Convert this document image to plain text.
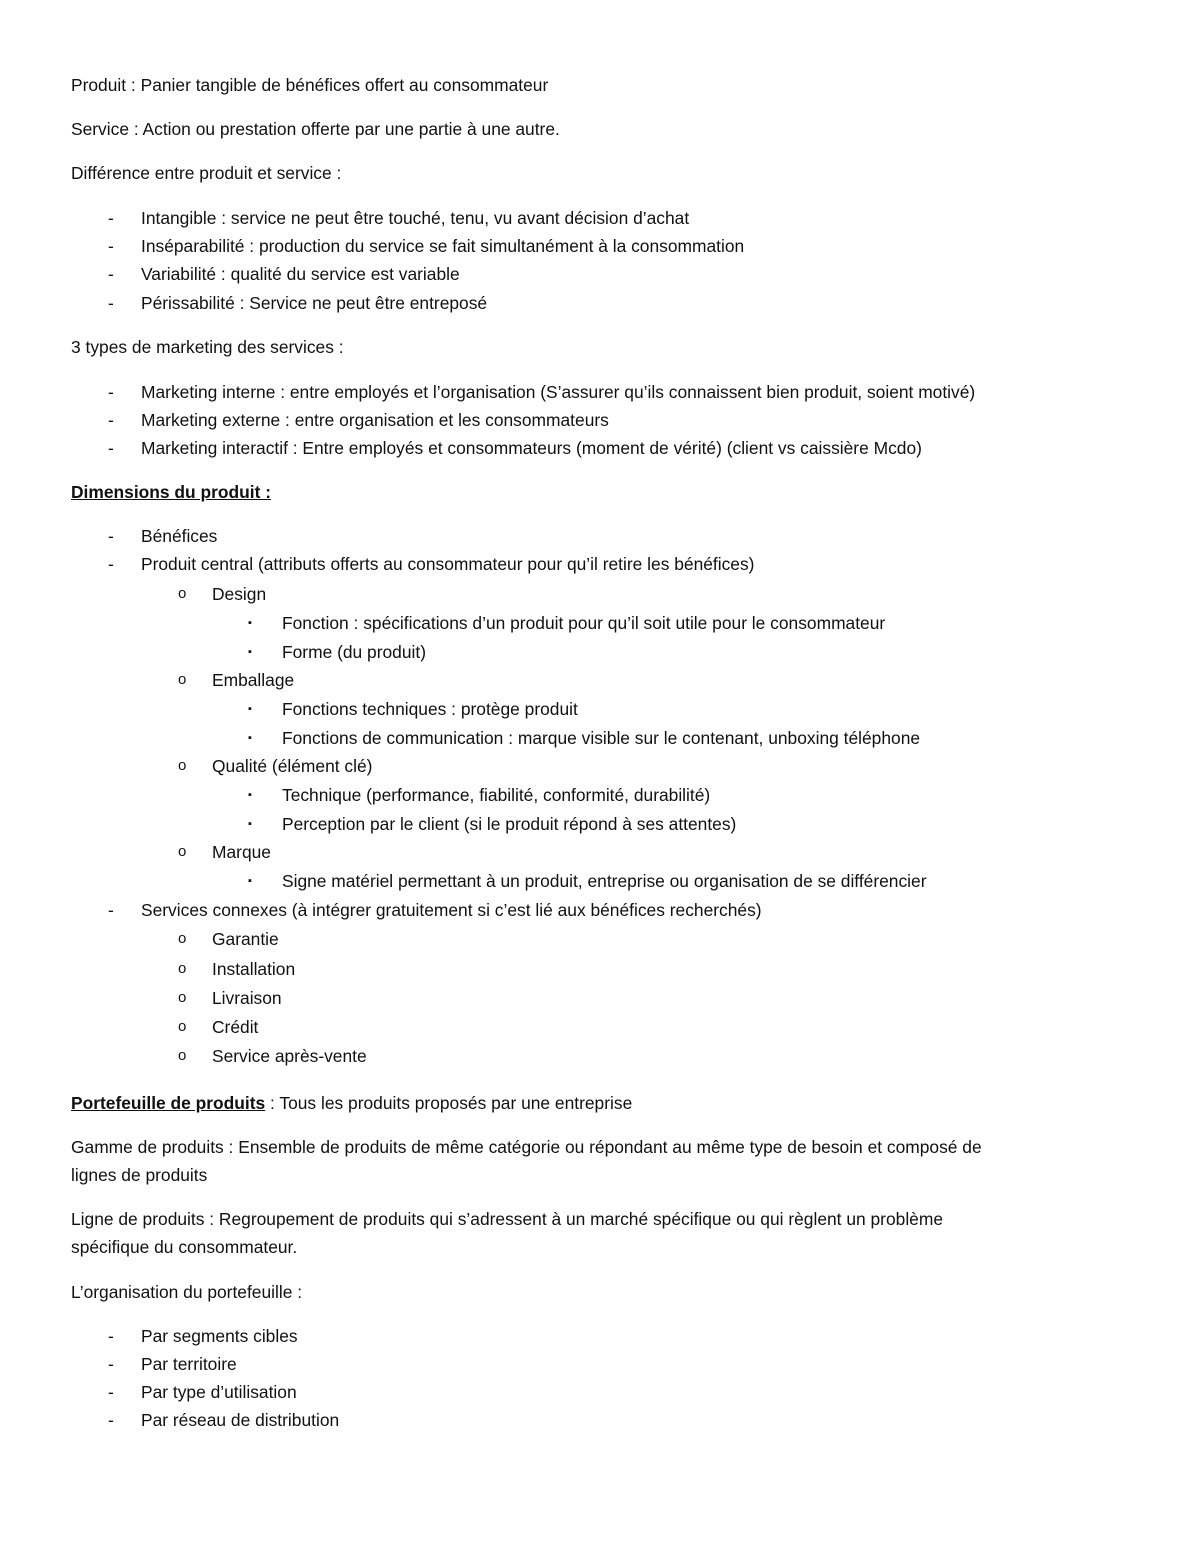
Produit : Panier tangible de bénéfices offert au consommateur
Service : Action ou prestation offerte par une partie à une autre.
Différence entre produit et service :
- Intangible : service ne peut être touché, tenu, vu avant décision d’achat
- Inséparabilité : production du service se fait simultanément à la consommation
- Variabilité : qualité du service est variable
- Périssabilité : Service ne peut être entreposé
3 types de marketing des services :
- Marketing interne : entre employés et l’organisation (S’assurer qu’ils connaissent bien produit, soient motivé)
- Marketing externe : entre organisation et les consommateurs
- Marketing interactif : Entre employés et consommateurs (moment de vérité) (client vs caissière Mcdo)
Dimensions du produit :
- Bénéfices
- Produit central (attributs offerts au consommateur pour qu’il retire les bénéfices)
o Design
▪ Fonction : spécifications d’un produit pour qu’il soit utile pour le consommateur
▪ Forme (du produit)
o Emballage
▪ Fonctions techniques : protège produit
▪ Fonctions de communication : marque visible sur le contenant, unboxing téléphone
o Qualité (élément clé)
▪ Technique (performance, fiabilité, conformité, durabilité)
▪ Perception par le client (si le produit répond à ses attentes)
o Marque
▪ Signe matériel permettant à un produit, entreprise ou organisation de se différencier
- Services connexes (à intégrer gratuitement si c’est lié aux bénéfices recherchés)
o Garantie
o Installation
o Livraison
o Crédit
o Service après-vente
Portefeuille de produits : Tous les produits proposés par une entreprise
Gamme de produits : Ensemble de produits de même catégorie ou répondant au même type de besoin et composé de
lignes de produits
Ligne de produits : Regroupement de produits qui s’adressent à un marché spécifique ou qui règlent un problème
spécifique du consommateur.
L’organisation du portefeuille :
- Par segments cibles
- Par territoire
- Par type d’utilisation
- Par réseau de distribution
